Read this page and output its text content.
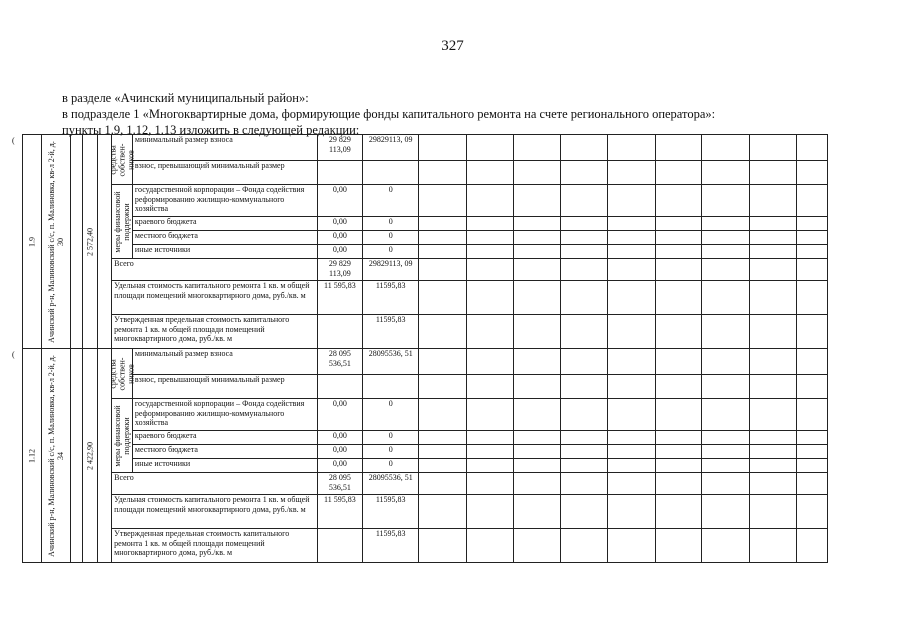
327
в разделе «Ачинский муниципальный район»:
в подразделе 1 «Многоквартирные дома, формирующие фонды капитального ремонта на счете регионального оператора»:
пункты 1.9, 1.12, 1.13 изложить в следующей редакции:
(
(
1.9	Ачинский р-н, Малиновский с/с, п. Малиновка, кв-л 2-й, д. 30		2 572,40		средства собствен-ников	минимальный размер взноса	29 829 113,09	29829113, 09									
						взнос, превышающий минимальный размер											

					меры финансовой поддержки	государственной корпорации – Фонда содействия реформированию жилищно-коммунального хозяйства	0,00	0									
						краевого бюджета	0,00	0									
						местного бюджета	0,00	0									
						иные источники	0,00	0									
					Всего		29 829 113,09	29829113, 09									
					Удельная стоимость капитального ремонта 1 кв. м общей площади помещений многоквартирного дома, руб./кв. м		11 595,83	11595,83									
					Утвержденная предельная стоимость капитального ремонта 1 кв. м общей площади помещений многоквартирного дома, руб./кв. м			11595,83									

1.12	Ачинский р-н, Малиновский с/с, п. Малиновка, кв-л 2-й, д. 34		2 422,90		средства собствен-ников	минимальный размер взноса	28 095 536,51	28095536, 51									
						взнос, превышающий минимальный размер											

					меры финансовой поддержки	государственной корпорации – Фонда содействия реформированию жилищно-коммунального хозяйства	0,00	0									
						краевого бюджета	0,00	0									
						местного бюджета	0,00	0									
						иные источники	0,00	0									
					Всего		28 095 536,51	28095536, 51									
					Удельная стоимость капитального ремонта 1 кв. м общей площади помещений многоквартирного дома, руб./кв. м		11 595,83	11595,83									
					Утвержденная предельная стоимость капитального ремонта 1 кв. м общей площади помещений многоквартирного дома, руб./кв. м			11595,83									
